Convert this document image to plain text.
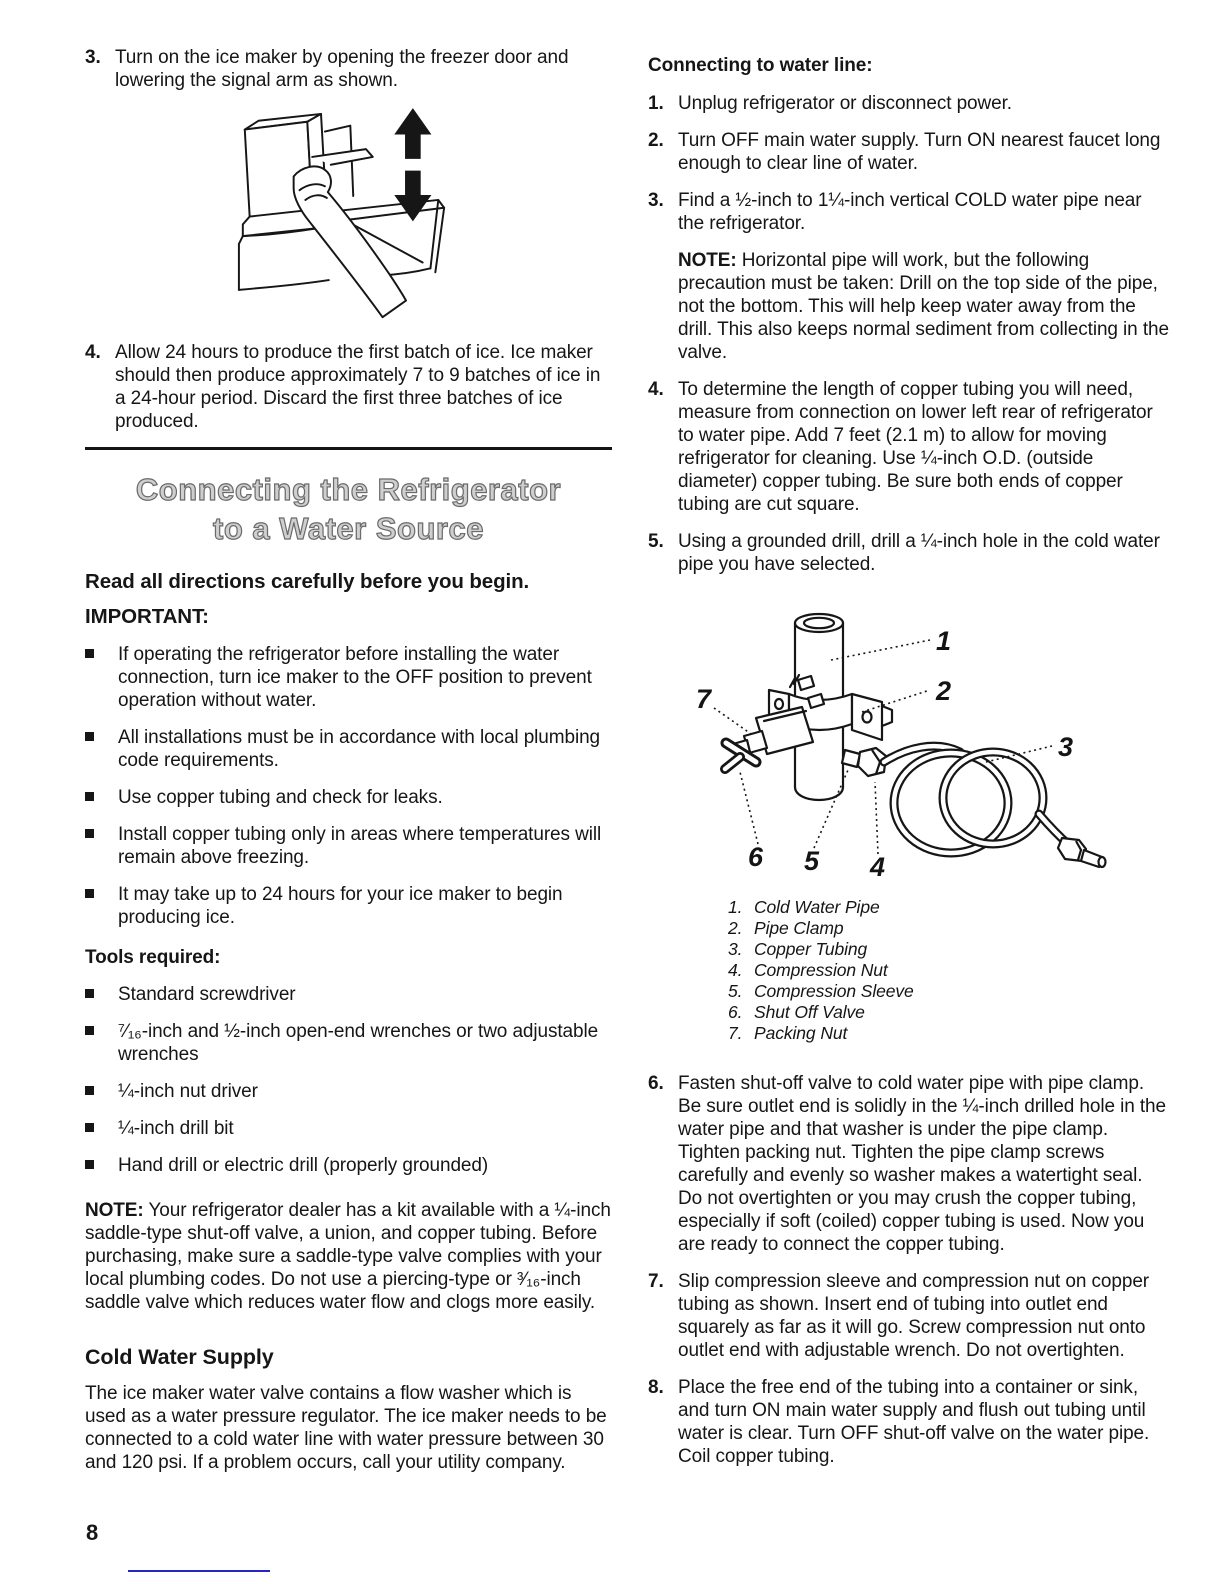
3. Turn on the ice maker by opening the freezer door and lowering the signal arm as shown.
4. Allow 24 hours to produce the first batch of ice. Ice maker should then produce approximately 7 to 9 batches of ice in a 24-hour period. Discard the first three batches of ice produced.
Connecting the Refrigerator
to a Water Source
Read all directions carefully before you begin.
IMPORTANT:
If operating the refrigerator before installing the water connection, turn ice maker to the OFF position to prevent operation without water.
All installations must be in accordance with local plumbing code requirements.
Use copper tubing and check for leaks.
Install copper tubing only in areas where temperatures will remain above freezing.
It may take up to 24 hours for your ice maker to begin producing ice.
Tools required:
Standard screwdriver
⁷⁄₁₆-inch and ½-inch open-end wrenches or two adjustable wrenches
¼-inch nut driver
¼-inch drill bit
Hand drill or electric drill (properly grounded)
NOTE: Your refrigerator dealer has a kit available with a ¼-inch saddle-type shut-off valve, a union, and copper tubing. Before purchasing, make sure a saddle-type valve complies with your local plumbing codes. Do not use a piercing-type or ³⁄₁₆-inch saddle valve which reduces water flow and clogs more easily.
Cold Water Supply
The ice maker water valve contains a flow washer which is used as a water pressure regulator. The ice maker needs to be connected to a cold water line with water pressure between 30 and 120 psi. If a problem occurs, call your utility company.
Connecting to water line:
1. Unplug refrigerator or disconnect power.
2. Turn OFF main water supply. Turn ON nearest faucet long enough to clear line of water.
3. Find a ½-inch to 1¼-inch vertical COLD water pipe near the refrigerator.
NOTE: Horizontal pipe will work, but the following precaution must be taken: Drill on the top side of the pipe, not the bottom. This will help keep water away from the drill. This also keeps normal sediment from collecting in the valve.
4. To determine the length of copper tubing you will need, measure from connection on lower left rear of refrigerator to water pipe. Add 7 feet (2.1 m) to allow for moving refrigerator for cleaning. Use ¼-inch O.D. (outside diameter) copper tubing. Be sure both ends of copper tubing are cut square.
5. Using a grounded drill, drill a ¼-inch hole in the cold water pipe you have selected.
1
2
3
4
5
6
7
1. Cold Water Pipe
2. Pipe Clamp
3. Copper Tubing
4. Compression Nut
5. Compression Sleeve
6. Shut Off Valve
7. Packing Nut
6. Fasten shut-off valve to cold water pipe with pipe clamp. Be sure outlet end is solidly in the ¼-inch drilled hole in the water pipe and that washer is under the pipe clamp. Tighten packing nut. Tighten the pipe clamp screws carefully and evenly so washer makes a watertight seal. Do not overtighten or you may crush the copper tubing, especially if soft (coiled) copper tubing is used. Now you are ready to connect the copper tubing.
7. Slip compression sleeve and compression nut on copper tubing as shown. Insert end of tubing into outlet end squarely as far as it will go. Screw compression nut onto outlet end with adjustable wrench. Do not overtighten.
8. Place the free end of the tubing into a container or sink, and turn ON main water supply and flush out tubing until water is clear. Turn OFF shut-off valve on the water pipe. Coil copper tubing.
8
